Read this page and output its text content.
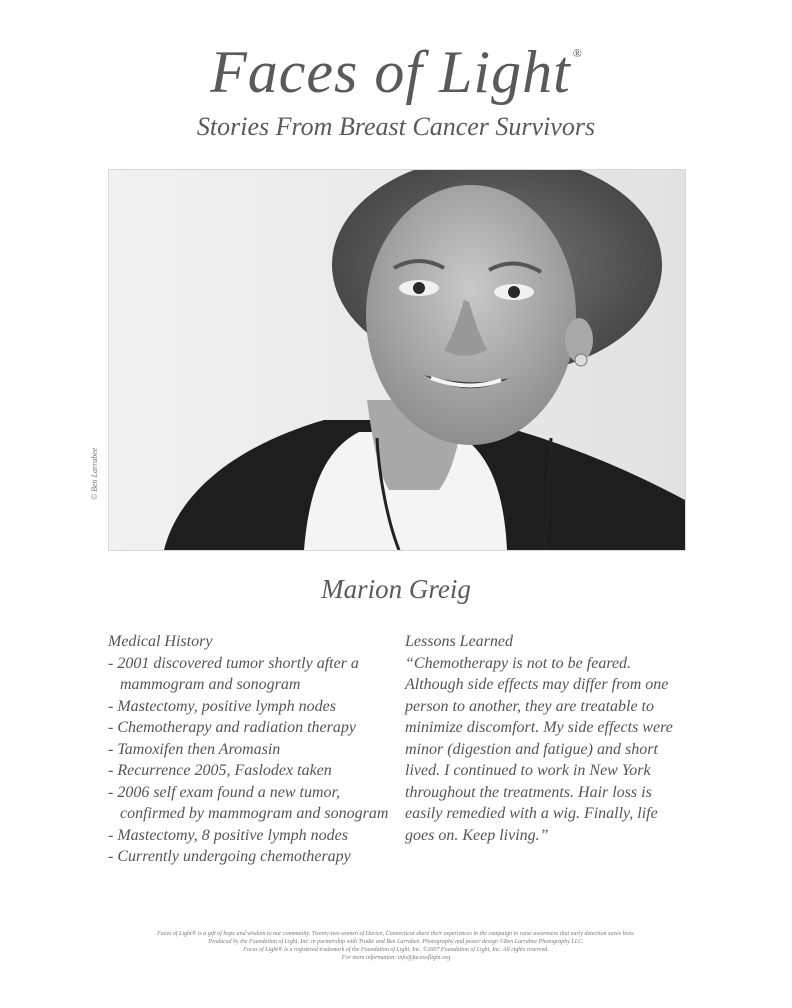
Faces of Light ®
Stories From Breast Cancer Survivors
© Ben Larrabee
Marion Greig
Medical History
- 2001 discovered tumor shortly after a mammogram and sonogram
- Mastectomy, positive lymph nodes
- Chemotherapy and radiation therapy
- Tamoxifen then Aromasin
- Recurrence 2005, Faslodex taken
- 2006 self exam found a new tumor, confirmed by mammogram and sonogram
- Mastectomy, 8 positive lymph nodes
- Currently undergoing chemotherapy
Lessons Learned

“Chemotherapy is not to be feared. Although side effects may differ from one person to another, they are treatable to minimize discomfort. My side effects were minor (digestion and fatigue) and short lived. I continued to work in New York throughout the treatments. Hair loss is easily remedied with a wig. Finally, life goes on. Keep living.”

Faces of Light® is a gift of hope and wisdom to our community. Twenty-two women of Darien, Connecticut share their experiences in the campaign to raise awareness that early detection saves lives.
Produced by the Foundation of Light, Inc. in partnership with Trudie and Ben Larrabee. Photography and poster design ©Ben Larrabee Photography LLC.
Faces of Light® is a registered trademark of the Foundation of Light, Inc. ©2007 Foundation of Light, Inc. All rights reserved.
For more information: info@facesoflight.org
